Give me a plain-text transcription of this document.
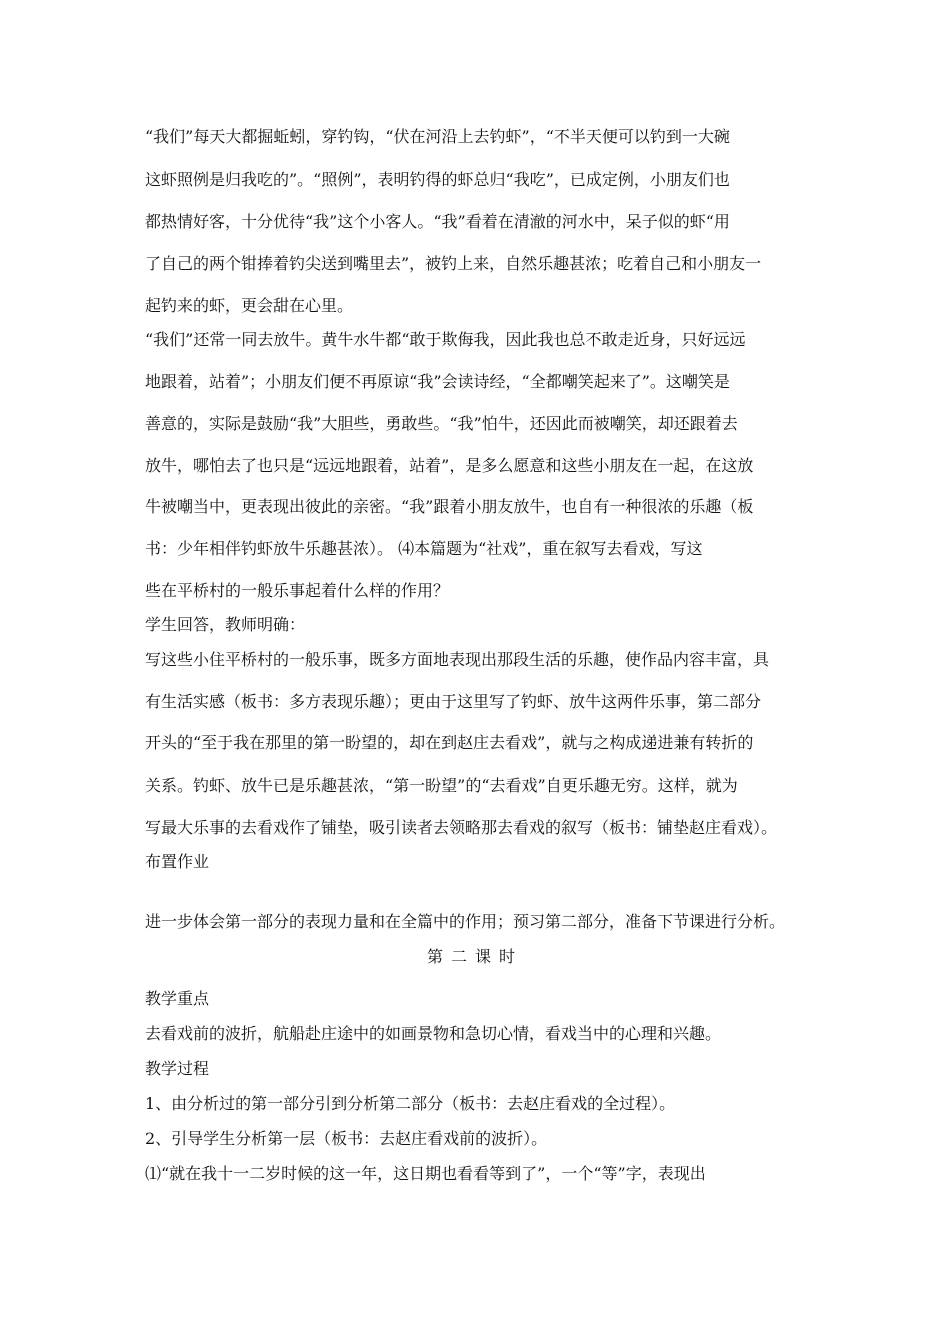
“我们”每天大都掘蚯蚓，穿钓钩，“伏在河沿上去钓虾”，“不半天便可以钓到一大碗
这虾照例是归我吃的”。“照例”，表明钓得的虾总归“我吃”，已成定例，小朋友们也
都热情好客，十分优待“我”这个小客人。“我”看着在清澈的河水中，呆子似的虾“用
了自己的两个钳捧着钓尖送到嘴里去”，被钓上来，自然乐趣甚浓；吃着自己和小朋友一
起钓来的虾，更会甜在心里。
“我们”还常一同去放牛。黄牛水牛都“敢于欺侮我，因此我也总不敢走近身，只好远远
地跟着，站着”；小朋友们便不再原谅“我”会读诗经，“全都嘲笑起来了”。这嘲笑是
善意的，实际是鼓励“我”大胆些，勇敢些。“我”怕牛，还因此而被嘲笑，却还跟着去
放牛，哪怕去了也只是“远远地跟着，站着”，是多么愿意和这些小朋友在一起，在这放
牛被嘲当中，更表现出彼此的亲密。“我”跟着小朋友放牛，也自有一种很浓的乐趣（板
书：少年相伴钓虾放牛乐趣甚浓）。 ⑷本篇题为“社戏”，重在叙写去看戏，写这
些在平桥村的一般乐事起着什么样的作用？
学生回答，教师明确：
写这些小住平桥村的一般乐事，既多方面地表现出那段生活的乐趣，使作品内容丰富，具
有生活实感（板书：多方表现乐趣）；更由于这里写了钓虾、放牛这两件乐事，第二部分
开头的“至于我在那里的第一盼望的，却在到赵庄去看戏”，就与之构成递进兼有转折的
关系。钓虾、放牛已是乐趣甚浓，“第一盼望”的“去看戏”自更乐趣无穷。这样，就为
写最大乐事的去看戏作了铺垫，吸引读者去领略那去看戏的叙写（板书：铺垫赵庄看戏）。
布置作业
进一步体会第一部分的表现力量和在全篇中的作用；预习第二部分，准备下节课进行分析。
第二课时
教学重点
去看戏前的波折，航船赴庄途中的如画景物和急切心情，看戏当中的心理和兴趣。
教学过程
1、由分析过的第一部分引到分析第二部分（板书：去赵庄看戏的全过程）。
2、引导学生分析第一层（板书：去赵庄看戏前的波折）。
⑴“就在我十一二岁时候的这一年，这日期也看看等到了”，一个“等”字，表现出
